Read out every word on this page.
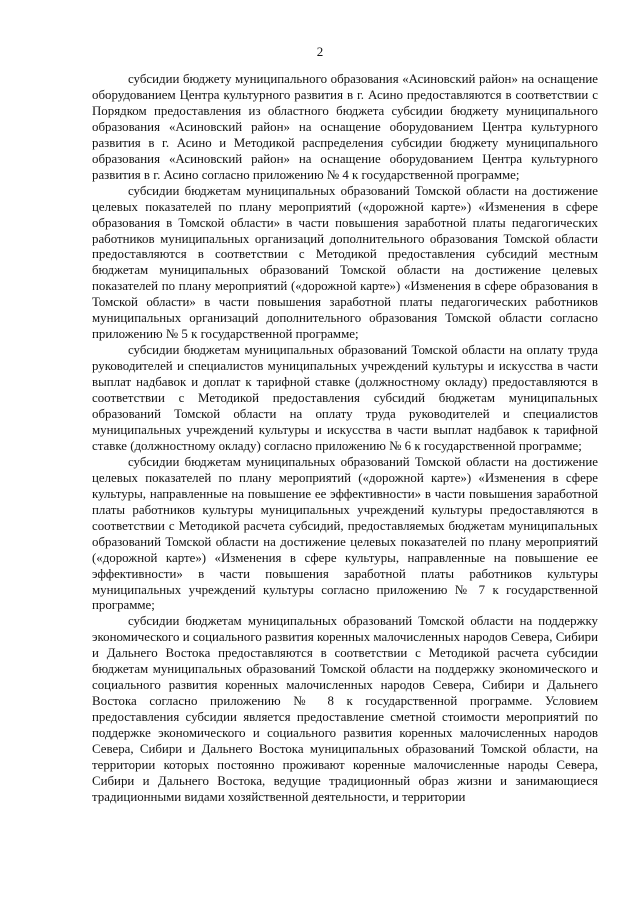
2

субсидии бюджету муниципального образования «Асиновский район» на оснащение оборудованием Центра культурного развития в г. Асино предоставляются в соответствии с Порядком предоставления из областного бюджета субсидии бюджету муниципального образования «Асиновский район» на оснащение оборудованием Центра культурного развития в г. Асино и Методикой распределения субсидии бюджету муниципального образования «Асиновский район» на оснащение оборудованием Центра культурного развития в г. Асино согласно приложению № 4 к государственной программе;

субсидии бюджетам муниципальных образований Томской области на достижение целевых показателей по плану мероприятий («дорожной карте») «Изменения в сфере образования в Томской области» в части повышения заработной платы педагогических работников муниципальных организаций дополнительного образования Томской области предоставляются в соответствии с Методикой предоставления субсидий местным бюджетам муниципальных образований Томской области на достижение целевых показателей по плану мероприятий («дорожной карте») «Изменения в сфере образования в Томской области» в части повышения заработной платы педагогических работников муниципальных организаций дополнительного образования Томской области согласно приложению № 5 к государственной программе;

субсидии бюджетам муниципальных образований Томской области на оплату труда руководителей и специалистов муниципальных учреждений культуры и искусства в части выплат надбавок и доплат к тарифной ставке (должностному окладу) предоставляются в соответствии с Методикой предоставления субсидий бюджетам муниципальных образований Томской области на оплату труда руководителей и специалистов муниципальных учреждений культуры и искусства в части выплат надбавок к тарифной ставке (должностному окладу) согласно приложению № 6 к государственной программе;

субсидии бюджетам муниципальных образований Томской области на достижение целевых показателей по плану мероприятий («дорожной карте») «Изменения в сфере культуры, направленные на повышение ее эффективности» в части повышения заработной платы работников культуры муниципальных учреждений культуры предоставляются в соответствии с Методикой расчета субсидий, предоставляемых бюджетам муниципальных образований Томской области на достижение целевых показателей по плану мероприятий («дорожной карте») «Изменения в сфере культуры, направленные на повышение ее эффективности» в части повышения заработной платы работников культуры муниципальных учреждений культуры согласно приложению № 7 к государственной программе;

субсидии бюджетам муниципальных образований Томской области на поддержку экономического и социального развития коренных малочисленных народов Севера, Сибири и Дальнего Востока предоставляются в соответствии с Методикой расчета субсидии бюджетам муниципальных образований Томской области на поддержку экономического и социального развития коренных малочисленных народов Севера, Сибири и Дальнего Востока согласно приложению № 8 к государственной программе. Условием предоставления субсидии является предоставление сметной стоимости мероприятий по поддержке экономического и социального развития коренных малочисленных народов Севера, Сибири и Дальнего Востока муниципальных образований Томской области, на территории которых постоянно проживают коренные малочисленные народы Севера, Сибири и Дальнего Востока, ведущие традиционный образ жизни и занимающиеся традиционными видами хозяйственной деятельности, и территории
